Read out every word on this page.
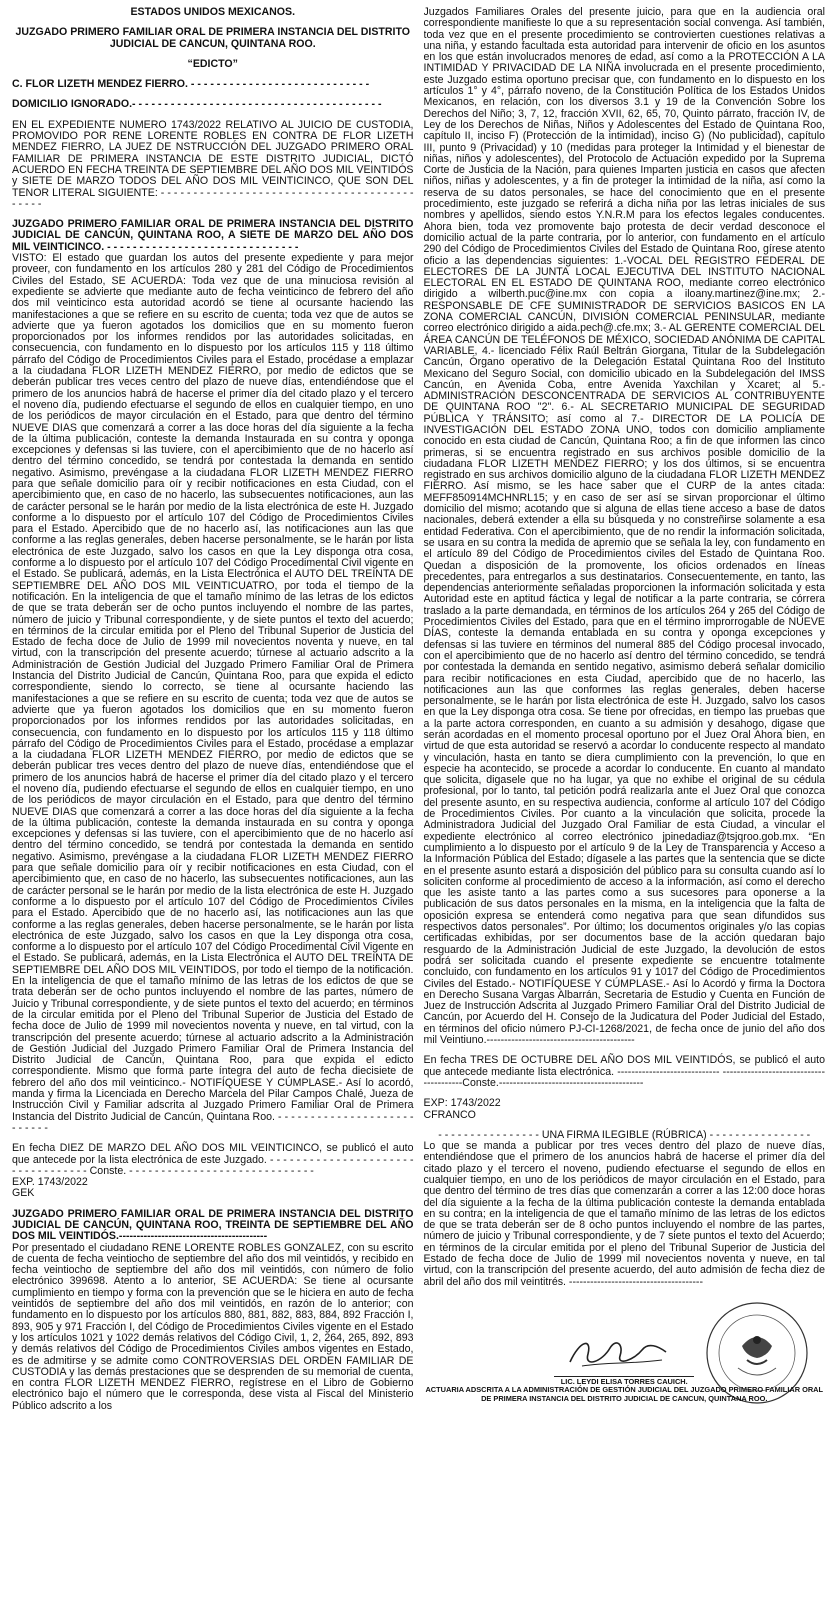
ESTADOS UNIDOS MEXICANOS.

JUZGADO PRIMERO FAMILIAR ORAL DE PRIMERA INSTANCIA DEL DISTRITO JUDICIAL DE CANCUN, QUINTANA ROO.

“EDICTO”

C. FLOR LIZETH MENDEZ FIERRO. - - - - - - - - - - - - - - - - - - - - - - - - - - - -

DOMICILIO IGNORADO.- - - - - - - - - - - - - - - - - - - - - - - - - - - - - - - - - - - - - - -

EN EL EXPEDIENTE NUMERO 1743/2022 RELATIVO AL JUICIO DE CUSTODIA, PROMOVIDO POR RENE LORENTE ROBLES EN CONTRA DE FLOR LIZETH MENDEZ FIERRO, LA JUEZ DE NSTRUCCIÓN DEL JUZGADO PRIMERO ORAL FAMILIAR DE PRIMERA INSTANCIA DE ESTE DISTRITO JUDICIAL, DICTÓ ACUERDO EN FECHA TREINTA DE SEPTIEMBRE DEL AÑO DOS MIL VEINTIDÓS y SIETE DE MARZO TODOS DEL AÑO DOS MIL VEINTICINCO, QUE SON DEL TENOR LITERAL SIGUIENTE: - - - - - - - - - - - - - - - - - - - - - - - - - - - - - - - - - - - - - - - - - - - -

JUZGADO PRIMERO FAMILIAR ORAL DE PRIMERA INSTANCIA DEL DISTRITO JUDICIAL DE CANCÚN, QUINTANA ROO, A SIETE DE MARZO DEL AÑO DOS MIL VEINTICINCO. - - - - - - - - - - - - - - - - - - - - - - - - - - - - - -

VISTO: El estado que guardan los autos del presente expediente y para mejor proveer, con fundamento en los artículos 280 y 281 del Código de Procedimientos Civiles del Estado, SE ACUERDA: Toda vez que de una minuciosa revisión al expediente se advierte que mediante auto de fecha veinticinco de febrero del año dos mil veinticinco esta autoridad acordó se tiene al ocursante haciendo las manifestaciones a que se refiere en su escrito de cuenta; toda vez que de autos se advierte que ya fueron agotados los domicilios que en su momento fueron proporcionados por los informes rendidos por las autoridades solicitadas, en consecuencia, con fundamento en lo dispuesto por los artículos 115 y 118 último párrafo del Código de Procedimientos Civiles para el Estado, procédase a emplazar a la ciudadana FLOR LIZETH MENDEZ FIERRO, por medio de edictos que se deberán publicar tres veces centro del plazo de nueve días, entendiéndose que el primero de los anuncios habrá de hacerse el primer día del citado plazo y el tercero el noveno día, pudiendo efectuarse el segundo de ellos en cualquier tiempo, en uno de los periódicos de mayor circulación en el Estado, para que dentro del término NUEVE DIAS que comenzará a correr a las doce horas del día siguiente a la fecha de la última publicación, conteste la demanda Instaurada en su contra y oponga excepciones y defensas si las tuviere, con el apercibimiento que de no hacerlo así dentro del término concedido, se tendrá por contestada la demanda en sentido negativo. Asimismo, prevéngase a la ciudadana FLOR LIZETH MENDEZ FIERRO para que señale domicilio para oír y recibir notificaciones en esta Ciudad, con el apercibimiento que, en caso de no hacerlo, las subsecuentes notificaciones, aun las de carácter personal se le harán por medio de la lista electrónica de este H. Juzgado conforme a lo dispuesto por el artículo 107 del Código de Procedimientos Civiles para el Estado. Apercibido que de no hacerlo así, las notificaciones aun las que conforme a las reglas generales, deben hacerse personalmente, se le harán por lista electrónica de este Juzgado, salvo los casos en que la Ley disponga otra cosa, conforme a lo dispuesto por el artículo 107 del Código Procedimental Civil vigente en el Estado. Se publicará, además, en la Lista Electrónica el AUTO DEL TREINTA DE SEPTIEMBRE DEL AÑO DOS MIL VEINTICUATRO, por toda el tiempo de la notificación. En la inteligencia de que el tamaño mínimo de las letras de los edictos de que se trata deberán ser de ocho puntos incluyendo el nombre de las partes, número de juicio y Tribunal correspondiente, y de siete puntos el texto del acuerdo; en términos de la circular emitida por el Pleno del Tribunal Superior de Justicia del Estado de fecha doce de Julio de 1999 mil novecientos noventa y nueve, en tal virtud, con la transcripción del presente acuerdo; túrnese al actuario adscrito a la Administración de Gestión Judicial del Juzgado Primero Familiar Oral de Primera Instancia del Distrito Judicial de Cancún, Quintana Roo, para que expida el edicto correspondiente, siendo lo correcto, se tiene al ocursante haciendo las manifestaciones a que se refiere en su escrito de cuenta; toda vez que de autos se advierte que ya fueron agotados los domicilios que en su momento fueron proporcionados por los informes rendidos por las autoridades solicitadas, en consecuencia, con fundamento en lo dispuesto por los artículos 115 y 118 último párrafo del Código de Procedimientos Civiles para el Estado, procédase a emplazar a la ciudadana FLOR LIZETH MENDEZ FIERRO, por medio de edictos que se deberán publicar tres veces dentro del plazo de nueve días, entendiéndose que el primero de los anuncios habrá de hacerse el primer día del citado plazo y el tercero el noveno día, pudiendo efectuarse el segundo de ellos en cualquier tiempo, en uno de los periódicos de mayor circulación en el Estado, para que dentro del término NUEVE DIAS que comenzará a correr a las doce horas del día siguiente a la fecha de la última publicación, conteste la demanda instaurada en su contra y oponga excepciones y defensas si las tuviere, con el apercibimiento que de no hacerlo así dentro del término concedido, se tendrá por contestada la demanda en sentido negativo. Asimismo, prevéngase a la ciudadana FLOR LIZETH MENDEZ FIERRO para que señale domicilio para oír y recibir notificaciones en esta Ciudad, con el apercibimiento que, en caso de no hacerlo, las subsecuentes notificaciones, aun las de carácter personal se le harán por medio de la lista electrónica de este H. Juzgado conforme a lo dispuesto por el artículo 107 del Código de Procedimientos Civiles para el Estado. Apercibido que de no hacerlo así, las notificaciones aun las que conforme a las reglas generales, deben hacerse personalmente, se le harán por lista electrónica de este Juzgado, salvo los casos en que la Ley disponga otra cosa, conforme a lo dispuesto por el artículo 107 del Código Procedimental Civil Vigente en el Estado. Se publicará, además, en la Lista Electrónica el AUTO DEL TREINTA DE SEPTIEMBRE DEL AÑO DOS MIL VEINTIDOS, por todo el tiempo de la notificación. En la inteligencia de que el tamaño mínimo de las letras de los edictos de que se trata deberán ser de ocho puntos incluyendo el nombre de las partes, número de Juicio y Tribunal correspondiente, y de siete puntos el texto del acuerdo; en términos de la circular emitida por el Pleno del Tribunal Superior de Justicia del Estado de fecha doce de Julio de 1999 mil novecientos noventa y nueve, en tal virtud, con la transcripción del presente acuerdo; túrnese al actuario adscrito a la Administración de Gestión Judicial del Juzgado Primero Familiar Oral de Primera Instancia del Distrito Judicial de Cancún, Quintana Roo, para que expida el edicto correspondiente. Mismo que forma parte íntegra del auto de fecha diecisiete de febrero del año dos mil veinticinco.- NOTIFÍQUESE Y CÚMPLASE.- Así lo acordó, manda y firma la Licenciada en Derecho Marcela del Pilar Campos Chalé, Jueza de Instrucción Civil y Familiar adscrita al Juzgado Primero Familiar Oral de Primera Instancia del Distrito Judicial de Cancún, Quintana Roo. - - - - - - - - - - - - - - - - - - - - - - - - - - -

En fecha DIEZ DE MARZO DEL AÑO DOS MIL VEINTICINCO, se publicó el auto que antecede por la lista electrónica de este Juzgado. - - - - - - - - - - - - - - - - - - - - - - - - - - - - - - - - - - Conste. - - - - - - - - - - - - - - - - - - - - - - - - - - - - -

EXP. 1743/2022

GEK

JUZGADO PRIMERO FAMILIAR ORAL DE PRIMERA INSTANCIA DEL DISTRITO JUDICIAL DE CANCÚN, QUINTANA ROO, TREINTA DE SEPTIEMBRE DEL AÑO DOS MIL VEINTIDÓS.------------------------------------------

Por presentado el ciudadano RENE LORENTE ROBLES GONZALEZ, con su escrito de cuenta de fecha veintiocho de septiembre del año dos mil veintidós, y recibido en fecha veintiocho de septiembre del año dos mil veintidós, con número de folio electrónico 399698. Atento a lo anterior, SE ACUERDA: Se tiene al ocursante cumplimiento en tiempo y forma con la prevención que se le hiciera en auto de fecha veintidós de septiembre del año dos mil veintidós, en razón de lo anterior; con fundamento en lo dispuesto por los artículos 880, 881, 882, 883, 884, 892 Fracción I, 893, 905 y 971 Fracción I, del Código de Procedimientos Civiles vigente en el Estado y los artículos 1021 y 1022 demás relativos del Código Civil, 1, 2, 264, 265, 892, 893 y demás relativos del Código de Procedimientos Civiles ambos vigentes en Estado, es de admitirse y se admite como CONTROVERSIAS DEL ORDEN FAMILIAR DE CUSTODIA y las demás prestaciones que se desprenden de su memorial de cuenta, en contra FLOR LIZETH MENDEZ FIERRO, regístrese en el Libro de Gobierno electrónico bajo el número que le corresponda, dese vista al Fiscal del Ministerio Público adscrito a los

Juzgados Familiares Orales del presente juicio, para que en la audiencia oral correspondiente manifieste lo que a su representación social convenga. Así también, toda vez que en el presente procedimiento se controvierten cuestiones relativas a una niña, y estando facultada esta autoridad para intervenir de oficio en los asuntos en los que están involucrados menores de edad, así como a la PROTECCIÓN A LA INTIMIDAD Y PRIVACIDAD DE LA NIÑA involucrada en el presente procedimiento, este Juzgado estima oportuno precisar que, con fundamento en lo dispuesto en los artículos 1° y 4°, párrafo noveno, de la Constitución Política de los Estados Unidos Mexicanos, en relación, con los diversos 3.1 y 19 de la Convención Sobre los Derechos del Niño; 3, 7, 12, fracción XVII, 62, 65, 70, Quinto párrato, fracción IV, de Ley de los Derechos de Niñas, Niños y Adolescentes del Estado de Quintana Roo, capítulo II, inciso F) (Protección de la intimidad), inciso G) (No publicidad), capítulo III, punto 9 (Privacidad) y 10 (medidas para proteger la Intimidad y el bienestar de niñas, niños y adolescentes), del Protocolo de Actuación expedido por la Suprema Corte de Justicia de la Nación, para quienes Imparten justicia en casos que afecten niños, niñas y adolescentes, y a fin de proteger la intimidad de la niña, así como la reserva de su datos personales, se hace del conocimiento que en el presente procedimiento, este juzgado se referirá a dicha niña por las letras iniciales de sus nombres y apellidos, siendo estos Y.N.R.M para los efectos legales conducentes. Ahora bien, toda vez promovente bajo protesta de decir verdad desconoce el domicilio actual de la parte contraria, por lo anterior, con fundamento en el artículo 290 del Código de Procedimientos Civiles del Estado de Quintana Roo, gírese atento oficio a las dependencias siguientes: 1.-VOCAL DEL REGISTRO FEDERAL DE ELECTORES DE LA JUNTA LOCAL EJECUTIVA DEL INSTITUTO NACIONAL ELECTORAL EN EL ESTADO DE QUINTANA ROO, mediante correo electrónico dirigido a wilberth.puc@ine.mx con copia a iloany.martinez@ine.mx; 2.- RESPONSABLE DE CFE SUMINISTRADOR DE SERVICIOS BASICOS EN LA ZONA COMERCIAL CANCÚN, DIVISIÓN COMERCIAL PENINSULAR, mediante correo electrónico dirigido a aida.pech@.cfe.mx; 3.- AL GERENTE COMERCIAL DEL ÁREA CANCÚN DE TELÉFONOS DE MÉXICO, SOCIEDAD ANÓNIMA DE CAPITAL VARIABLE, 4.- licenciado Félix Raúl Beltrán Giorgana, Titular de la Subdelegación Cancún, Órgano operativo de la Delegación Estatal Quintana Roo del Instituto Mexicano del Seguro Social, con domicilio ubicado en la Subdelegación del IMSS Cancún, en Avenida Coba, entre Avenida Yaxchilan y Xcaret; al 5.- ADMINISTRACIÓN DESCONCENTRADA DE SERVICIOS AL CONTRIBUYENTE DE QUINTANA ROO "2". 6.- AL SECRETARIO MUNICIPAL DE SEGURIDAD PÚBLICA Y TRÁNSITO; así como al 7.- DIRECTOR DE LA POLICÍA DE INVESTIGACIÓN DEL ESTADO ZONA UNO, todos con domicilio ampliamente conocido en esta ciudad de Cancún, Quintana Roo; a fin de que informen las cinco primeras, si se encuentra registrado en sus archivos posible domicilio de la ciudadana FLOR LIZETH MENDEZ FIERRO; y los dos últimos, si se encuentra registrado en sus archivos domicilio alguno de la ciudadana FLOR LIZETH MENDEZ FIERRO. Así mismo, se les hace saber que el CURP de la antes citada: MEFF850914MCHNRL15; y en caso de ser así se sirvan proporcionar el último domicilio del mismo; acotando que si alguna de ellas tiene acceso a base de datos nacionales, deberá extender a ella su búsqueda y no constreñirse solamente a esa entidad Federativa. Con el apercibimiento, que de no rendir la información solicitada, se usara en su contra la medida de apremio que se señala la ley, con fundamento en el artículo 89 del Código de Procedimientos civiles del Estado de Quintana Roo. Quedan a disposición de la promovente, los oficios ordenados en líneas precedentes, para entregarlos a sus destinatarios. Consecuentemente, en tanto, las dependencias anteriormente señaladas proporcionen la información solicitada y esta Autoridad este en aptitud fáctica y legal de notificar a la parte contraria, se córrera traslado a la parte demandada, en términos de los artículos 264 y 265 del Código de Procedimientos Civiles del Estado, para que en el término improrrogable de NUEVE DÍAS, conteste la demanda entablada en su contra y oponga excepciones y defensas si las tuviere en términos del numeral 885 del Código procesal invocado, con el apercibimiento que de no hacerlo así dentro del término concedido, se tendrá por contestada la demanda en sentido negativo, asimismo deberá señalar domicilio para recibir notificaciones en esta Ciudad, apercibido que de no hacerlo, las notificaciones aun las que conformes las reglas generales, deben hacerse personalmente, se le harán por lista electrónica de este H. Juzgado, salvo los casos en que la Ley disponga otra cosa. Se tiene por ofrecidas, en tiempo las pruebas que a la parte actora corresponden, en cuanto a su admisión y desahogo, digase que serán acordadas en el momento procesal oportuno por el Juez Oral Ahora bien, en virtud de que esta autoridad se reservó a acordar lo conducente respecto al mandato y vinculación, hasta en tanto se diera cumplimiento con la prevención, lo que en especie ha acontecido, se procede a acordar lo conducente. En cuanto al mandato que solicita, digasele que no ha lugar, ya que no exhibe el original de su cédula profesional, por lo tanto, tal petición podrá realizarla ante el Juez Oral que conozca del presente asunto, en su respectiva audiencia, conforme al artículo 107 del Código de Procedimientos Civiles. Por cuanto a la vinculación que solicita, procede la Administradora Judicial del Juzgado Oral Familiar de esta Ciudad, a vincular el expediente electrónico al correo electrónico jpinedadiaz@tsjqroo.gob.mx. “En cumplimiento a lo dispuesto por el artículo 9 de la Ley de Transparencia y Acceso a la Información Pública del Estado; dígasele a las partes que la sentencia que se dicte en el presente asunto estará a disposición del público para su consulta cuando así lo soliciten conforme al procedimiento de acceso a la información, así como el derecho que les asiste tanto a las partes como a sus sucesores para oponerse a la publicación de sus datos personales en la misma, en la inteligencia que la falta de oposición expresa se entenderá como negativa para que sean difundidos sus respectivos datos personales”. Por último; los documentos originales y/o las copias certificadas exhibidas, por ser documentos base de la acción quedaran bajo resguardo de la Administración Judicial de este Juzgado, la devolución de estos podrá ser solicitada cuando el presente expediente se encuentre totalmente concluido, con fundamento en los artículos 91 y 1017 del Código de Procedimientos Civiles del Estado.- NOTIFÍQUESE Y CÚMPLASE.- Así lo Acordó y firma la Doctora en Derecho Susana Vargas Albarrán, Secretaria de Estudio y Cuenta en Función de Juez de Instrucción Adscrita al Juzgado Primero Familiar Oral del Distrito Judicial de Cancún, por Acuerdo del H. Consejo de la Judicatura del Poder Judicial del Estado, en términos del oficio número PJ-CI-1268/2021, de fecha once de junio del año dos mil Veintiuno.------------------------------------------

En fecha TRES DE OCTUBRE DEL AÑO DOS MIL VEINTIDÓS, se publicó el auto que antecede mediante lista electrónica. ----------------------------- ----------------------------------------Conste.-----------------------------------------

EXP: 1743/2022

CFRANCO

- - - - - - - - - - - - - - - - UNA FIRMA ILEGIBLE (RÚBRICA) - - - - - - - - - - - - - - - -

Lo que se manda a publicar por tres veces dentro del plazo de nueve días, entendiéndose que el primero de los anuncios habrá de hacerse el primer día del citado plazo y el tercero el noveno, pudiendo efectuarse el segundo de ellos en cualquier tiempo, en uno de los periódicos de mayor circulación en el Estado, para que dentro del término de tres días que comenzarán a correr a las 12:00 doce horas del día siguiente a la fecha de la última publicación conteste la demanda entablada en su contra; en la inteligencia de que el tamaño mínimo de las letras de los edictos de que se trata deberán ser de 8 ocho puntos incluyendo el nombre de las partes, número de juicio y Tribunal correspondiente, y de 7 siete puntos el texto del Acuerdo; en términos de la circular emitida por el pleno del Tribunal Superior de Justicia del Estado de fecha doce de Julio de 1999 mil novecientos noventa y nueve, en tal virtud, con la transcripción del presente acuerdo, del auto admisión de fecha diez de abril del año dos mil veintitrés. --------------------------------------

LIC. LEYDI ELISA TORRES CAUICH.
ACTUARIA ADSCRITA A LA ADMINISTRACIÓN DE GESTIÓN JUDICIAL DEL JUZGADO PRIMERO FAMILIAR ORAL DE PRIMERA INSTANCIA DEL DISTRITO JUDICIAL DE CANCUN, QUINTANA ROO.
